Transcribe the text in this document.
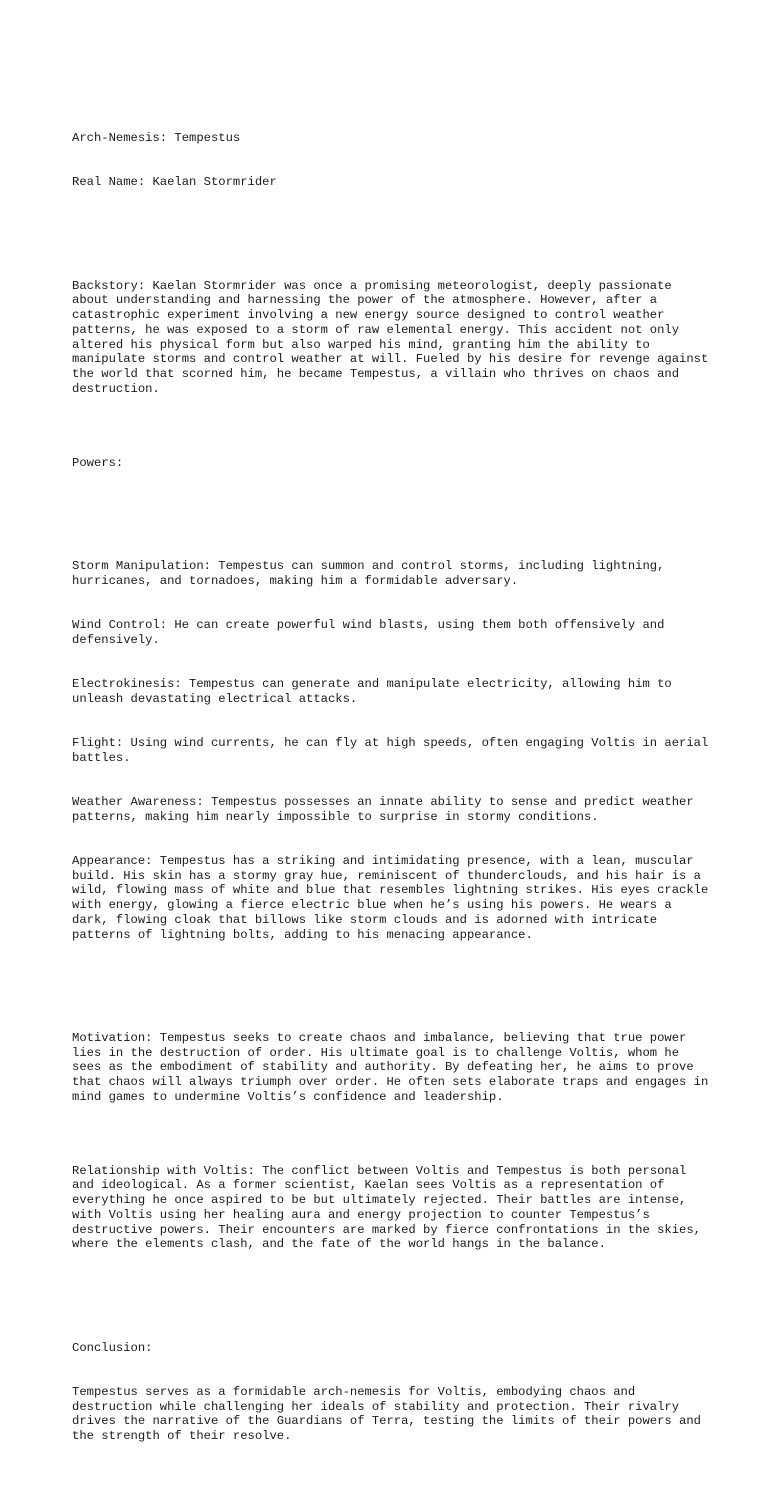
Arch-Nemesis: Tempestus

Real Name: Kaelan Stormrider

Backstory: Kaelan Stormrider was once a promising meteorologist, deeply passionate about understanding and harnessing the power of the atmosphere. However, after a catastrophic experiment involving a new energy source designed to control weather patterns, he was exposed to a storm of raw elemental energy. This accident not only altered his physical form but also warped his mind, granting him the ability to manipulate storms and control weather at will. Fueled by his desire for revenge against the world that scorned him, he became Tempestus, a villain who thrives on chaos and destruction.

Powers:

Storm Manipulation: Tempestus can summon and control storms, including lightning, hurricanes, and tornadoes, making him a formidable adversary.

Wind Control: He can create powerful wind blasts, using them both offensively and defensively.

Electrokinesis: Tempestus can generate and manipulate electricity, allowing him to unleash devastating electrical attacks.

Flight: Using wind currents, he can fly at high speeds, often engaging Voltis in aerial battles.

Weather Awareness: Tempestus possesses an innate ability to sense and predict weather patterns, making him nearly impossible to surprise in stormy conditions.

Appearance: Tempestus has a striking and intimidating presence, with a lean, muscular build. His skin has a stormy gray hue, reminiscent of thunderclouds, and his hair is a wild, flowing mass of white and blue that resembles lightning strikes. His eyes crackle with energy, glowing a fierce electric blue when he’s using his powers. He wears a dark, flowing cloak that billows like storm clouds and is adorned with intricate patterns of lightning bolts, adding to his menacing appearance.

Motivation: Tempestus seeks to create chaos and imbalance, believing that true power lies in the destruction of order. His ultimate goal is to challenge Voltis, whom he sees as the embodiment of stability and authority. By defeating her, he aims to prove that chaos will always triumph over order. He often sets elaborate traps and engages in mind games to undermine Voltis’s confidence and leadership.

Relationship with Voltis: The conflict between Voltis and Tempestus is both personal and ideological. As a former scientist, Kaelan sees Voltis as a representation of everything he once aspired to be but ultimately rejected. Their battles are intense, with Voltis using her healing aura and energy projection to counter Tempestus’s destructive powers. Their encounters are marked by fierce confrontations in the skies, where the elements clash, and the fate of the world hangs in the balance.

Conclusion:

Tempestus serves as a formidable arch-nemesis for Voltis, embodying chaos and destruction while challenging her ideals of stability and protection. Their rivalry drives the narrative of the Guardians of Terra, testing the limits of their powers and the strength of their resolve.
